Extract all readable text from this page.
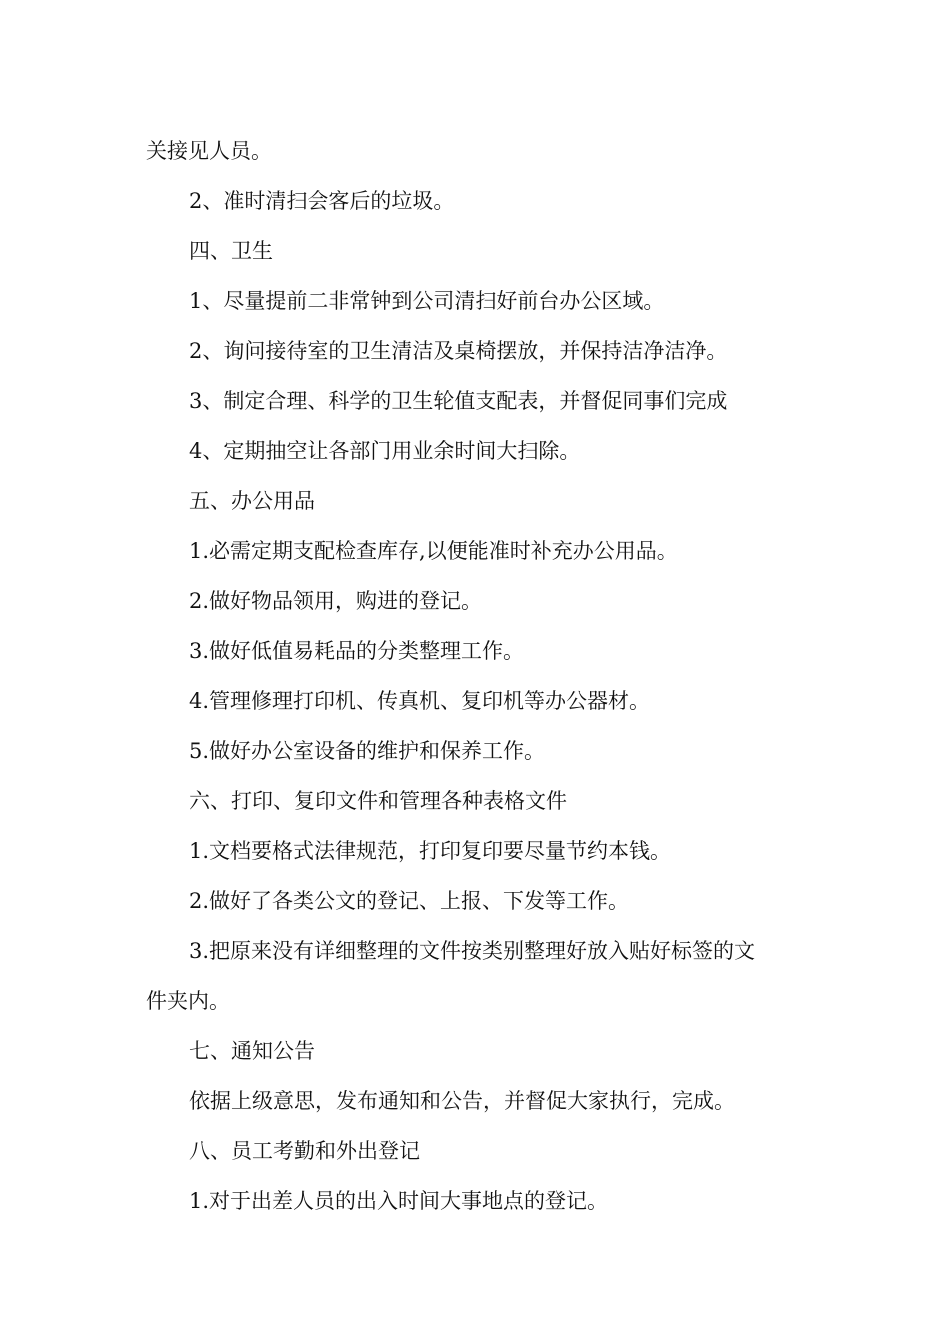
关接见人员。
2、准时清扫会客后的垃圾。
四、卫生
1、尽量提前二非常钟到公司清扫好前台办公区域。
2、询问接待室的卫生清洁及桌椅摆放，并保持洁净洁净。
3、制定合理、科学的卫生轮值支配表，并督促同事们完成
4、定期抽空让各部门用业余时间大扫除。
五、办公用品
1.必需定期支配检查库存,以便能准时补充办公用品。
2.做好物品领用，购进的登记。
3.做好低值易耗品的分类整理工作。
4.管理修理打印机、传真机、复印机等办公器材。
5.做好办公室设备的维护和保养工作。
六、打印、复印文件和管理各种表格文件
1.文档要格式法律规范，打印复印要尽量节约本钱。
2.做好了各类公文的登记、上报、下发等工作。
3.把原来没有详细整理的文件按类别整理好放入贴好标签的文
件夹内。
七、通知公告
依据上级意思，发布通知和公告，并督促大家执行，完成。
八、员工考勤和外出登记
1.对于出差人员的出入时间大事地点的登记。
